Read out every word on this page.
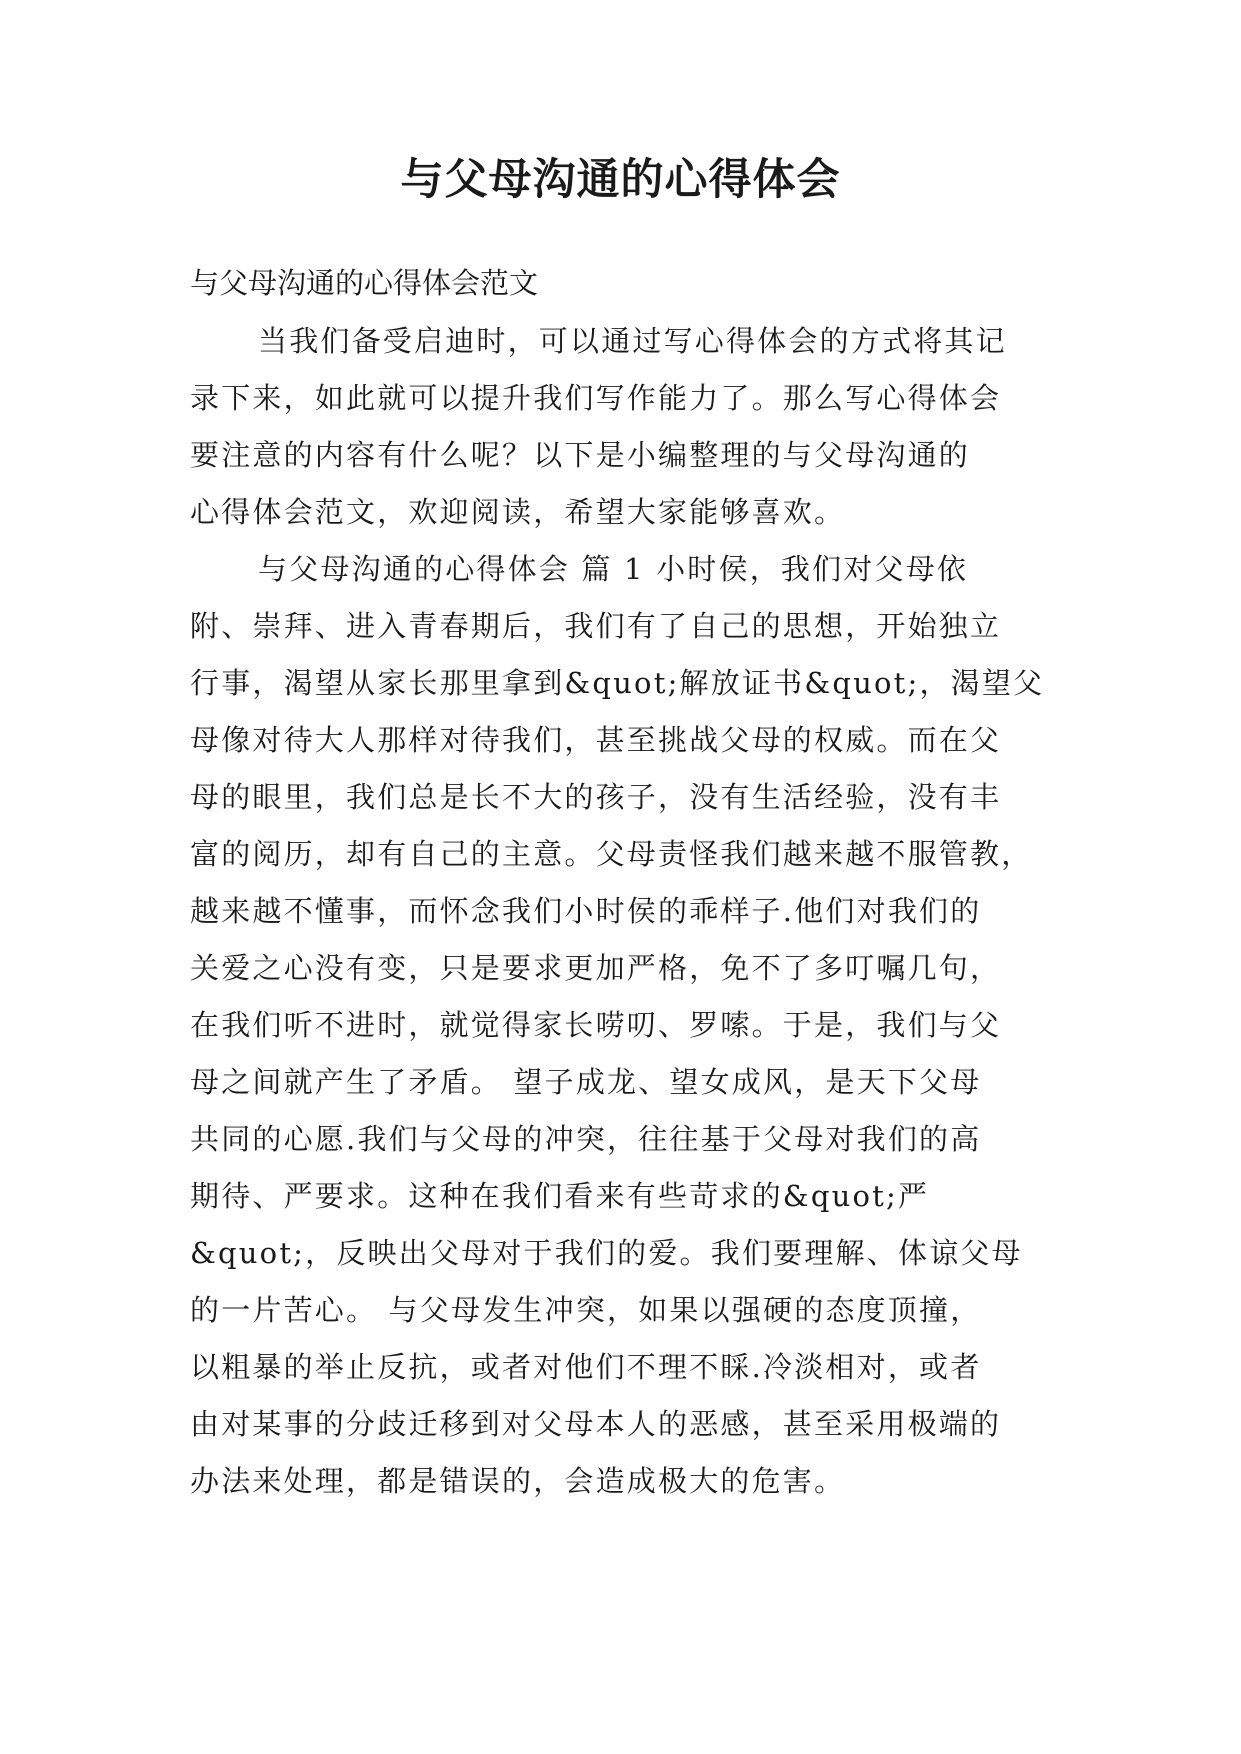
与父母沟通的心得体会

与父母沟通的心得体会范文

当我们备受启迪时，可以通过写心得体会的方式将其记

录下来，如此就可以提升我们写作能力了。那么写心得体会

要注意的内容有什么呢？以下是小编整理的与父母沟通的

心得体会范文，欢迎阅读，希望大家能够喜欢。

与父母沟通的心得体会 篇 1 小时侯，我们对父母依

附、崇拜、进入青春期后，我们有了自己的思想，开始独立

行事，渴望从家长那里拿到&quot;解放证书&quot;，渴望父

母像对待大人那样对待我们，甚至挑战父母的权威。而在父

母的眼里，我们总是长不大的孩子，没有生活经验，没有丰

富的阅历，却有自己的主意。父母责怪我们越来越不服管教，

越来越不懂事，而怀念我们小时侯的乖样子.他们对我们的

关爱之心没有变，只是要求更加严格，免不了多叮嘱几句，

在我们听不进时，就觉得家长唠叨、罗嗦。于是，我们与父

母之间就产生了矛盾。 望子成龙、望女成风，是天下父母

共同的心愿.我们与父母的冲突，往往基于父母对我们的高

期待、严要求。这种在我们看来有些苛求的&quot;严

&quot;，反映出父母对于我们的爱。我们要理解、体谅父母

的一片苦心。 与父母发生冲突，如果以强硬的态度顶撞，

以粗暴的举止反抗，或者对他们不理不睬.冷淡相对，或者

由对某事的分歧迁移到对父母本人的恶感，甚至采用极端的

办法来处理，都是错误的，会造成极大的危害。
